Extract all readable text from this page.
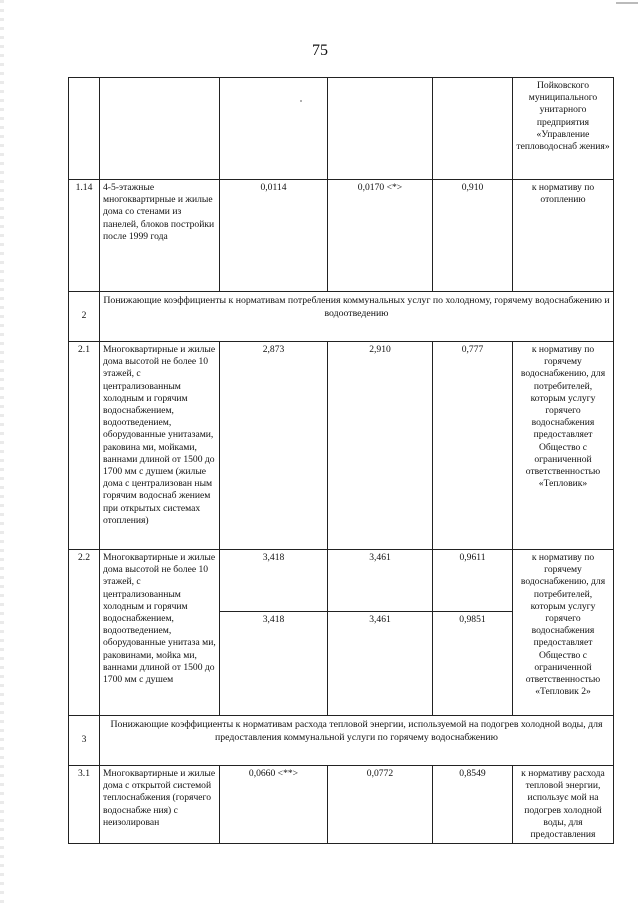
75
					Пойковского муниципального унитарного предприятия «Управление тепловодоснаб жения»
1.14	4-5-этажные многоквартирные и жилые дома со стенами из панелей, блоков постройки после 1999 года	0,0114	0,0170 <*>	0,910	к нормативу по отоплению
2	Понижающие коэффициенты к нормативам потребления коммунальных услуг по холодному, горячему водоснабжению и водоотведению				
2.1	Многоквартирные и жилые дома высотой не более 10 этажей, с централизованным холодным и горячим водоснабжением, водоотведением, оборудованные унитазами, раковина ми, мойками, ваннами длиной от 1500 до 1700 мм с душем (жилые дома с централизован ным горячим водоснаб жением при открытых системах отопления)	2,873	2,910	0,777	к нормативу по горячему водоснабжению, для потребителей, которым услугу горячего водоснабжения предоставляет Общество с ограниченной ответственностью «Тепловик»
2.2	Многоквартирные и жилые дома высотой не более 10 этажей, с централизованным холодным и горячим водоснабжением, водоотведением, оборудованные унитаза ми, раковинами, мойка ми, ваннами длиной от 1500 до 1700 мм с душем	3,418	3,461	0,9611	к нормативу по горячему водоснабжению, для потребителей, которым услугу горячего водоснабжения предоставляет Общество с ограниченной ответственностью «Тепловик 2»
		3,418	3,461	0,9851	
3	Понижающие коэффициенты к нормативам расхода тепловой энергии, используемой на подогрев холодной воды, для предоставления коммунальной услуги по горячему водоснабжению				
3.1	Многоквартирные и жилые дома с открытой системой теплоснабжения (горячего водоснабже ния) с неизолирован	0,0660 <**>	0,0772	0,8549	к нормативу расхода тепловой энергии, использує мой на подогрев холодной воды, для предоставления
